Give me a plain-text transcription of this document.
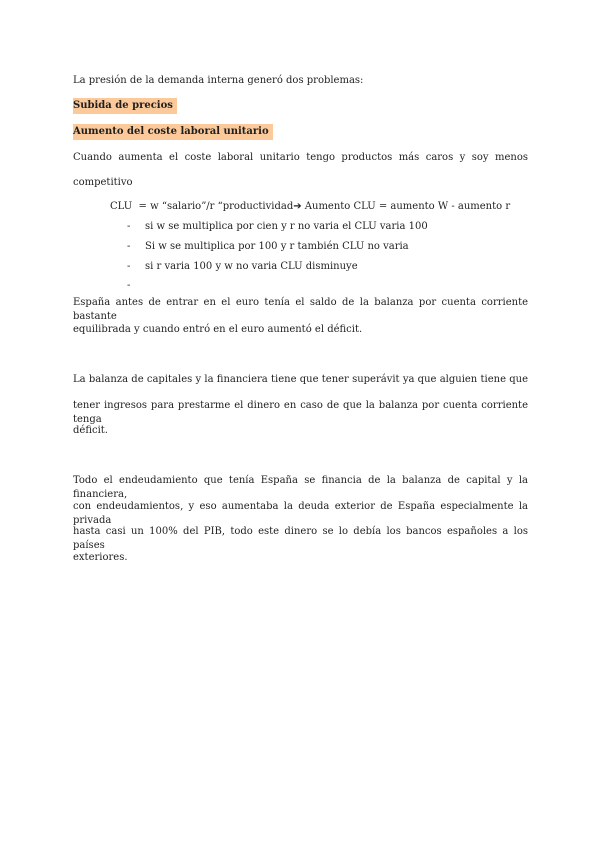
La presión de la demanda interna generó dos problemas:
Subida de precios
Aumento del coste laboral unitario
Cuando aumenta el coste laboral unitario tengo productos más caros y soy menos
competitivo
CLU  = w “salario”/r “productividad➔ Aumento CLU = aumento W - aumento r
- si w se multiplica por cien y r no varia el CLU varia 100
- Si w se multiplica por 100 y r también CLU no varia
- si r varia 100 y w no varia CLU disminuye
-
España antes de entrar en el euro tenía el saldo de la balanza por cuenta corriente bastante
equilibrada y cuando entró en el euro aumentó el déficit.
La balanza de capitales y la financiera tiene que tener superávit ya que alguien tiene que
tener ingresos para prestarme el dinero en caso de que la balanza por cuenta corriente tenga
déficit.
Todo el endeudamiento que tenía España se financia de la balanza de capital y la financiera,
con endeudamientos, y eso aumentaba la deuda exterior de España especialmente la privada
hasta casi un 100% del PIB, todo este dinero se lo debía los bancos españoles a los países
exteriores.
